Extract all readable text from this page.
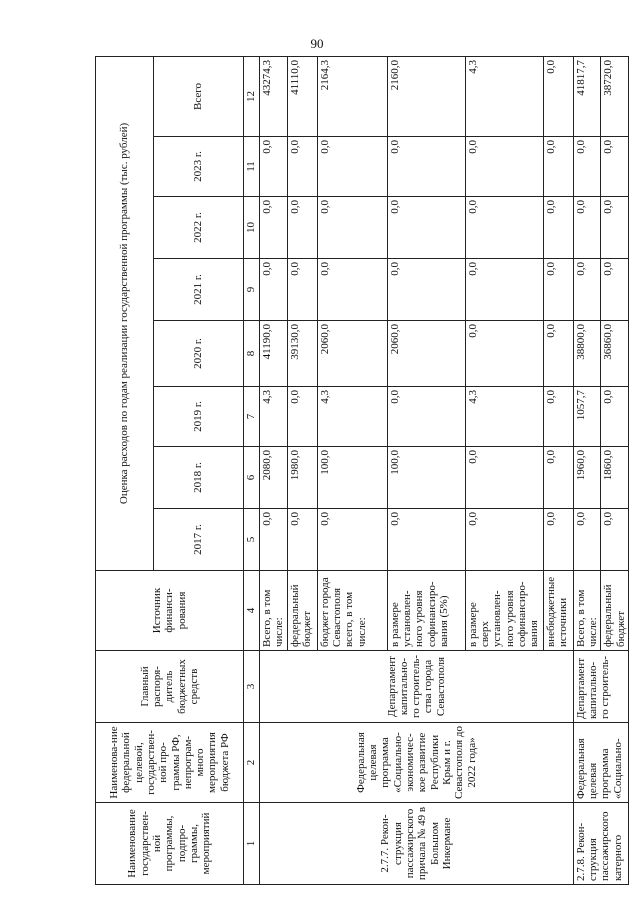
90
Наименование государствен-ной программы, подпро-граммы, мероприятий	Наименова-ние федеральной целевой, государствен-ной про-граммы РФ, непрограм-много мероприятия бюджета РФ	Главный распоря-дитель бюджетных средств	Источник финанси-рования	Оценка расходов по годам реализации государственной программы (тыс. рублей)							
				2017 г.	2018 г.	2019 г.	2020 г.	2021 г.	2022 г.	2023 г.	Всего
1	2	3	4	5	6	7	8	9	10	11	12
2.7.7. Рекон-струкция пассажирского причала № 49 в Большом Инкермане	Федеральная целевая программа «Социально-экономичес-кое развитие Республики Крым и г. Севастополя до 2022 года»	Департамент капитально-го строитель-ства города Севастополя	Всего, в том числе:	0,0	2080,0	4,3	41190,0	0,0	0,0	0,0	43274,3
			федеральный бюджет	0,0	1980,0	0,0	39130,0	0,0	0,0	0,0	41110,0
			бюджет города Севастополя всего, в том числе:	0,0	100,0	4,3	2060,0	0,0	0,0	0,0	2164,3
			в размере установлен-ного уровня софинансиро-вания (5%)	0,0	100,0	0,0	2060,0	0,0	0,0	0,0	2160,0
			в размере сверх установлен-ного уровня софинансиро-вания	0,0	0,0	4,3	0,0	0,0	0,0	0,0	4,3
			внебюджетные источники	0,0	0,0	0,0	0,0	0,0	0,0	0,0	0,0
2.7.8. Рекон-струкция пассажирского катерного	Федеральная целевая программа «Социально-	Департамент капитально-го строитель-	Всего, в том числе:	0,0	1960,0	1057,7	38800,0	0,0	0,0	0,0	41817,7
			федеральный бюджет	0,0	1860,0	0,0	36860,0	0,0	0,0	0,0	38720,0
